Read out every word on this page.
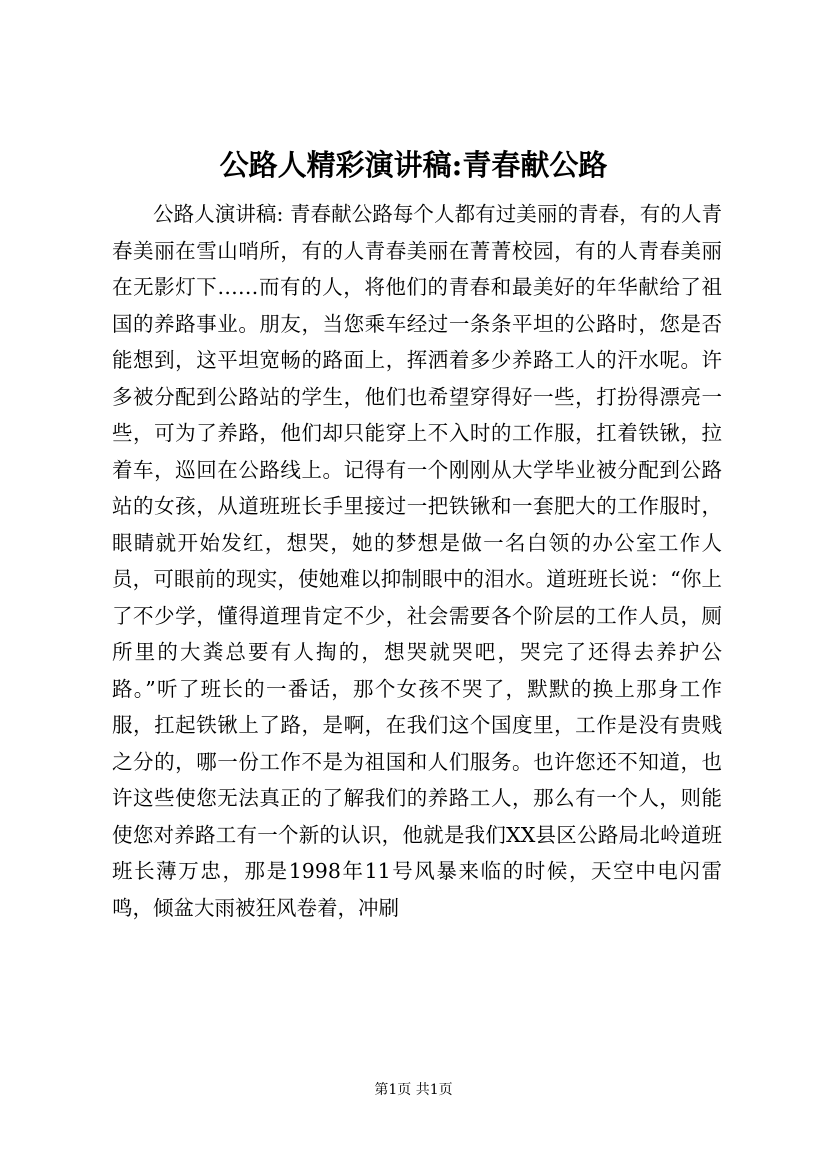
公路人精彩演讲稿:青春献公路

公路人演讲稿: 青春献公路每个人都有过美丽的青春，有的人青春美丽在雪山哨所，有的人青春美丽在菁菁校园，有的人青春美丽在无影灯下……而有的人，将他们的青春和最美好的年华献给了祖国的养路事业。朋友，当您乘车经过一条条平坦的公路时，您是否能想到，这平坦宽畅的路面上，挥洒着多少养路工人的汗水呢。许多被分配到公路站的学生，他们也希望穿得好一些，打扮得漂亮一些，可为了养路，他们却只能穿上不入时的工作服，扛着铁锹，拉着车，巡回在公路线上。记得有一个刚刚从大学毕业被分配到公路站的女孩，从道班班长手里接过一把铁锹和一套肥大的工作服时，眼睛就开始发红，想哭，她的梦想是做一名白领的办公室工作人员，可眼前的现实，使她难以抑制眼中的泪水。道班班长说：“你上了不少学，懂得道理肯定不少，社会需要各个阶层的工作人员，厕所里的大粪总要有人掏的，想哭就哭吧，哭完了还得去养护公路。”听了班长的一番话，那个女孩不哭了，默默的换上那身工作服，扛起铁锹上了路，是啊，在我们这个国度里，工作是没有贵贱之分的，哪一份工作不是为祖国和人们服务。也许您还不知道，也许这些使您无法真正的了解我们的养路工人，那么有一个人，则能使您对养路工有一个新的认识，他就是我们XX县区公路局北岭道班班长薄万忠，那是1998年11号风暴来临的时候，天空中电闪雷鸣，倾盆大雨被狂风卷着，冲刷

第1页 共1页
